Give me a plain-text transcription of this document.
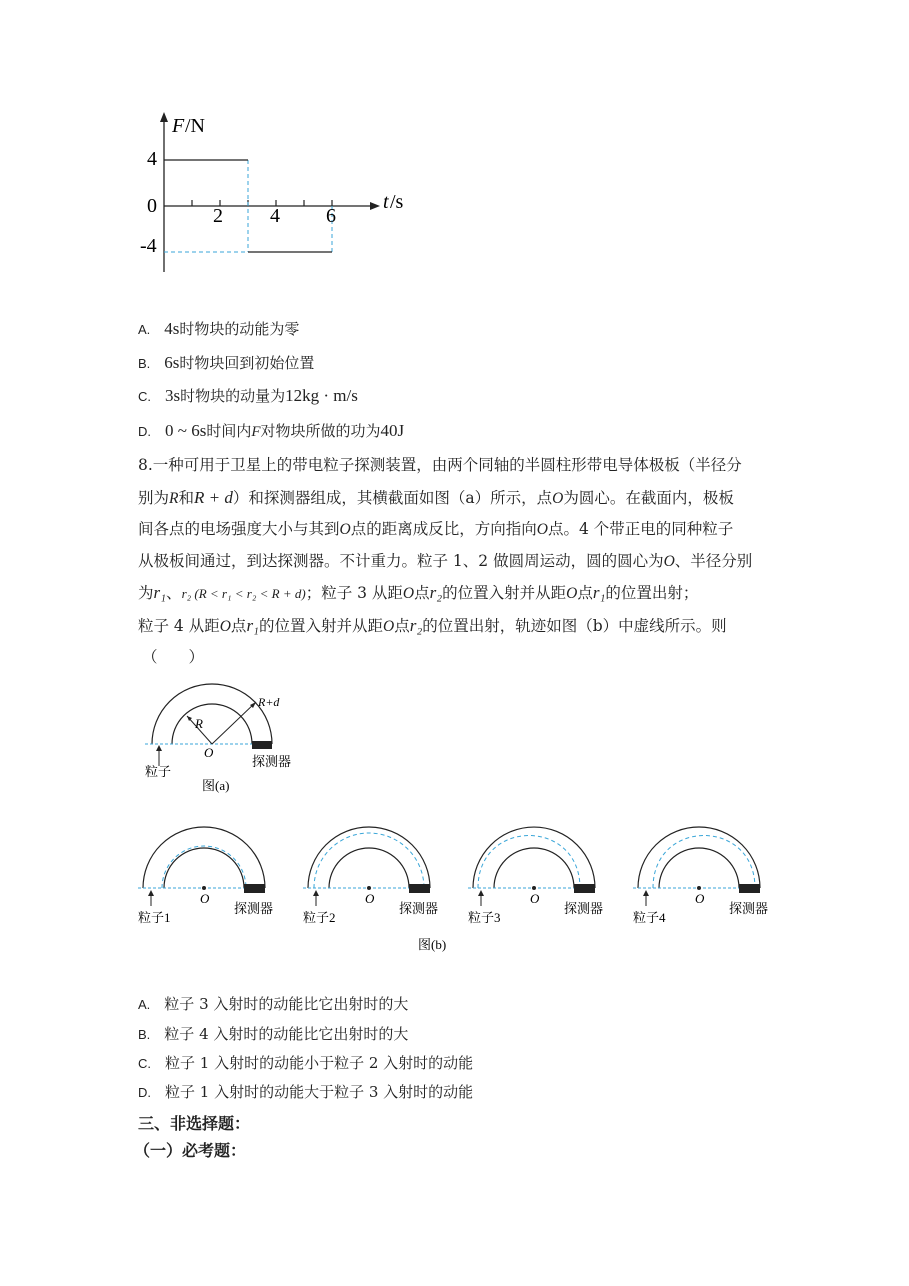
F /N
t /s
4
0
-4
2 4 6
A. 4s时物块的动能为零
B. 6s时物块回到初始位置
C. 3s时物块的动量为12kg · m/s
D. 0 ~ 6s时间内F对物块所做的功为40J

8.一种可用于卫星上的带电粒子探测装置，由两个同轴的半圆柱形带电导体极板（半径分

别为R和R + d）和探测器组成，其横截面如图（a）所示，点O为圆心。在截面内，极板

间各点的电场强度大小与其到O点的距离成反比，方向指向O点。4 个带正电的同种粒子

从极板间通过，到达探测器。不计重力。粒子 1、2 做圆周运动，圆的圆心为O、半径分别

为r₁、r₂ (R < r₁ < r₂ < R + d)；粒子 3 从距O点r₂的位置入射并从距O点r₁的位置出射；

粒子 4 从距O点r₁的位置入射并从距O点r₂的位置出射，轨迹如图（b）中虚线所示。则

（　　）

R
R+d
O
粒子
探测器
图(a)
O
粒子1
探测器
O
粒子2
探测器
O
粒子3
探测器
O
粒子4
探测器
图(b)
A. 粒子 3 入射时的动能比它出射时的大
B. 粒子 4 入射时的动能比它出射时的大
C. 粒子 1 入射时的动能小于粒子 2 入射时的动能
D. 粒子 1 入射时的动能大于粒子 3 入射时的动能
三、非选择题：
（一）必考题：
